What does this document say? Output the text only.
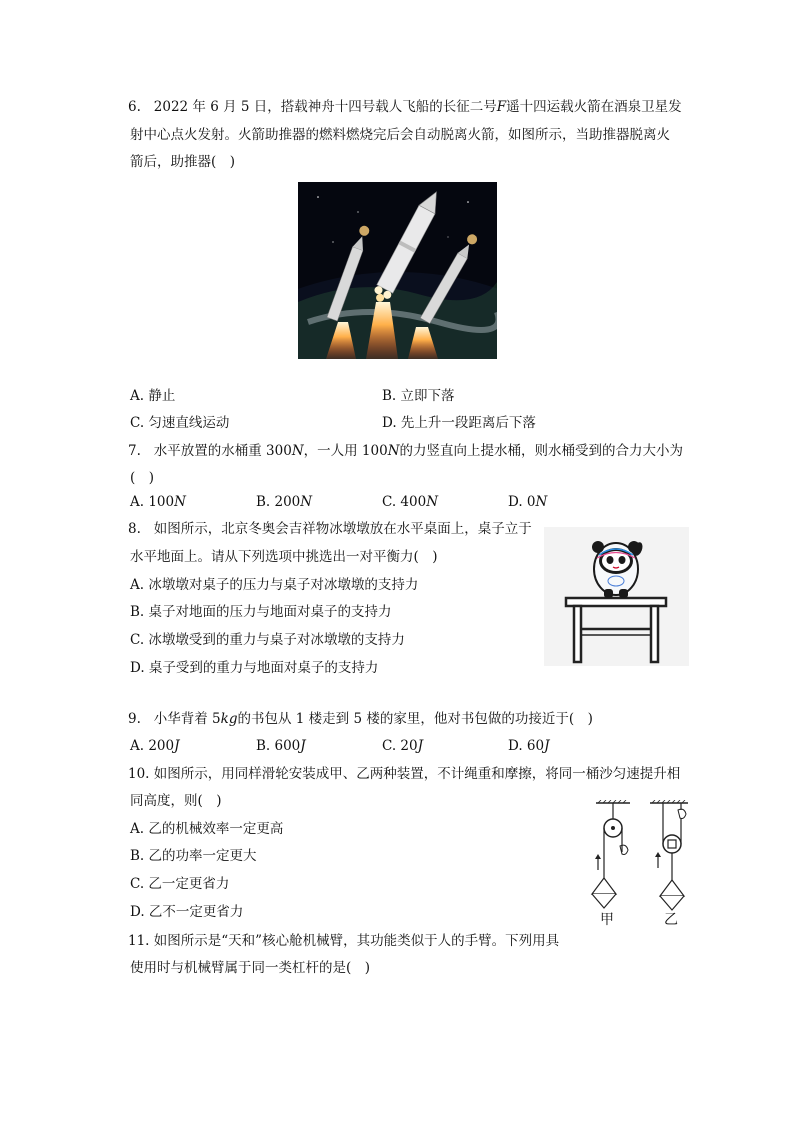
6. 2022 年 6 月 5 日，搭载神舟十四号载人飞船的长征二号F遥十四运载火箭在酒泉卫星发
射中心点火发射。火箭助推器的燃料燃烧完后会自动脱离火箭，如图所示，当助推器脱离火
箭后，助推器(　)
A. 静止	B. 立即下落
C. 匀速直线运动	D. 先上升一段距离后下落
7. 水平放置的水桶重 300N，一人用 100N的力竖直向上提水桶，则水桶受到的合力大小为
(　)
A. 100N	B. 200N	C. 400N	D. 0N
8. 如图所示，北京冬奥会吉祥物冰墩墩放在水平桌面上，桌子立于
水平地面上。请从下列选项中挑选出一对平衡力(　)
A. 冰墩墩对桌子的压力与桌子对冰墩墩的支持力
B. 桌子对地面的压力与地面对桌子的支持力
C. 冰墩墩受到的重力与桌子对冰墩墩的支持力
D. 桌子受到的重力与地面对桌子的支持力
9. 小华背着 5kg的书包从 1 楼走到 5 楼的家里，他对书包做的功接近于(　)
A. 200J	B. 600J	C. 20J	D. 60J
10. 如图所示，用同样滑轮安装成甲、乙两种装置，不计绳重和摩擦，将同一桶沙匀速提升相
同高度，则(　)
A. 乙的机械效率一定更高
B. 乙的功率一定更大
C. 乙一定更省力
D. 乙不一定更省力	甲	乙
11. 如图所示是“天和”核心舱机械臂，其功能类似于人的手臂。下列用具
使用时与机械臂属于同一类杠杆的是(　)
